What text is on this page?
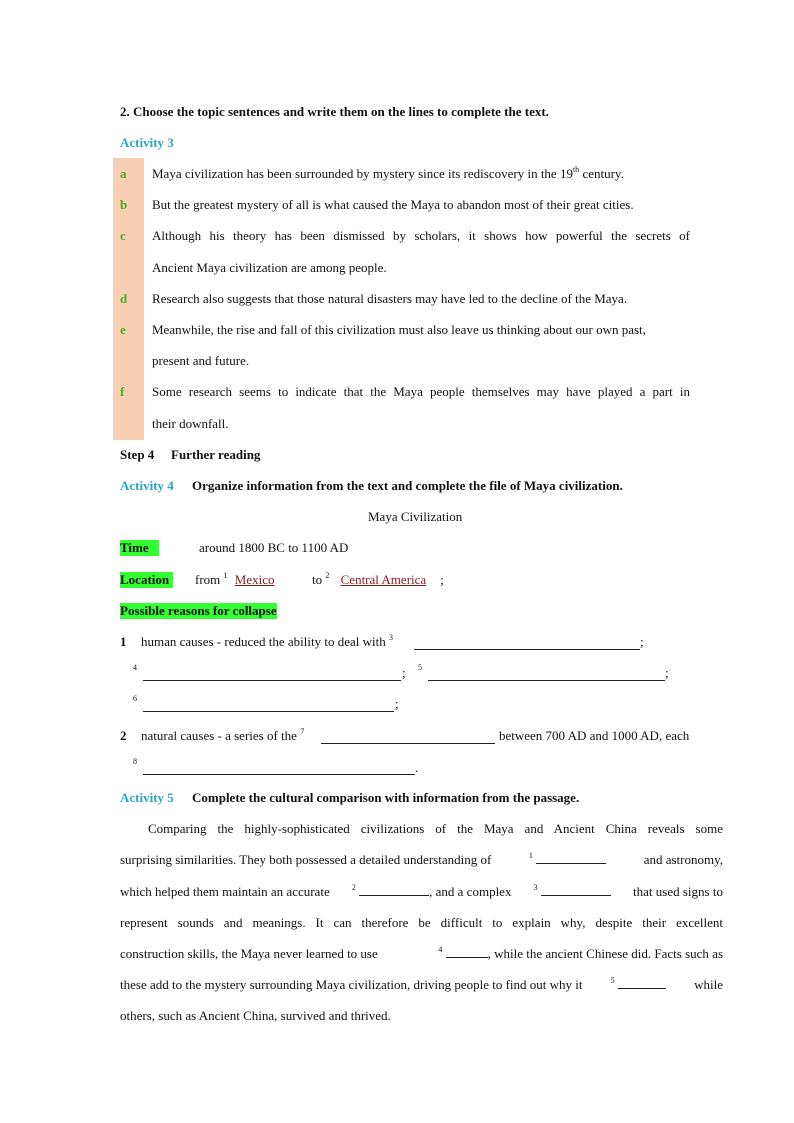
2. Choose the topic sentences and write them on the lines to complete the text.
Activity 3
a Maya civilization has been surrounded by mystery since its rediscovery in the 19th century.
b But the greatest mystery of all is what caused the Maya to abandon most of their great cities.
c Although his theory has been dismissed by scholars, it shows how powerful the secrets of
Ancient Maya civilization are among people.
d Research also suggests that those natural disasters may have led to the decline of the Maya.
e Meanwhile, the rise and fall of this civilization must also leave us thinking about our own past,
present and future.
f Some research seems to indicate that the Maya people themselves may have played a part in
their downfall.
Step 4 Further reading
Activity 4 Organize information from the text and complete the file of Maya civilization.
Maya Civilization
Time	around 1800 BC to 1100 AD
Location	from $^1$ Mexico	to $^2$ Central America ;
Possible reasons for collapse
1 human causes - reduced the ability to deal with $^3$	;
$^4$	; $^5$	;
$^6$	;
2 natural causes - a series of the $^7$	between 700 AD and 1000 AD, each
$^8$	.
Activity 5 Complete the cultural comparison with information from the passage.
Comparing the highly-sophisticated civilizations of the Maya and Ancient China reveals some
surprising similarities. They both possessed a detailed understanding of	$^1$	and astronomy,
which helped them maintain an accurate	$^2$	, and a complex	$^3$	that used signs to
represent sounds and meanings. It can therefore be difficult to explain why, despite their excellent
construction skills, the Maya never learned to use	$^4$	, while the ancient Chinese did. Facts such as
these add to the mystery surrounding Maya civilization, driving people to find out why it	$^5$	while
others, such as Ancient China, survived and thrived.
